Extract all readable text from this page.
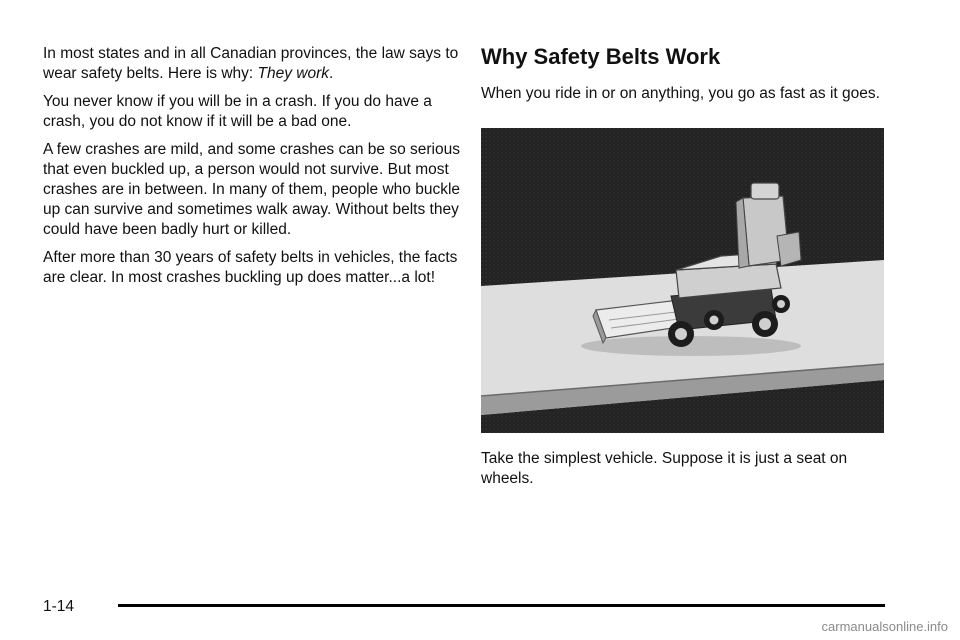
In most states and in all Canadian provinces, the law says to wear safety belts. Here is why: They work.

You never know if you will be in a crash. If you do have a crash, you do not know if it will be a bad one.

A few crashes are mild, and some crashes can be so serious that even buckled up, a person would not survive. But most crashes are in between. In many of them, people who buckle up can survive and sometimes walk away. Without belts they could have been badly hurt or killed.

After more than 30 years of safety belts in vehicles, the facts are clear. In most crashes buckling up does matter...a lot!

Why Safety Belts Work

When you ride in or on anything, you go as fast as it goes.

Take the simplest vehicle. Suppose it is just a seat on wheels.

1-14
carmanualsonline.info
